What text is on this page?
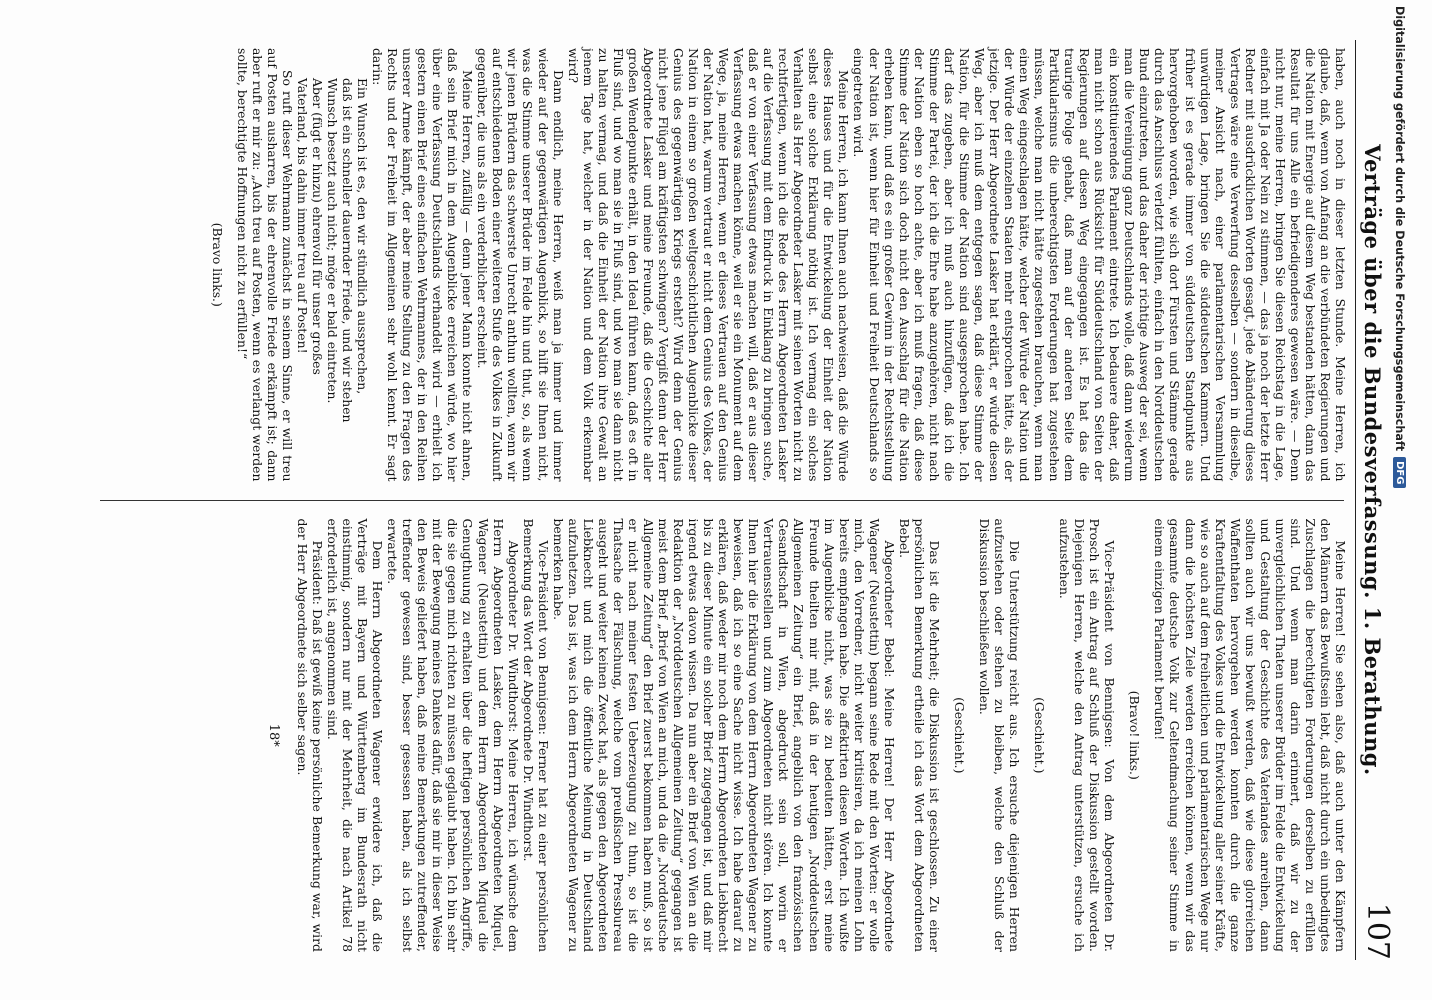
Verträge über die Bundesverfassung. 1. Berathung.
107

haben, auch noch in dieser letzten Stunde. Meine Herren, ich glaube, daß, wenn von Anfang an die verbündeten Regierungen und die Nation mit Energie auf diesem Weg bestanden hätten, dann das Resultat für uns Alle ein befriedigenderes gewesen wäre. — Denn nicht nur, meine Herren, bringen Sie diesen Reichstag in die Lage, einfach mit Ja oder Nein zu stimmen, — das ja noch der letzte Herr Redner mit ausdrücklichen Worten gesagt, jede Abänderung dieses Vertrages wäre eine Verwerfung desselben — sondern in dieselbe, meiner Ansicht nach, einer parlamentarischen Versammlung unwürdigen Lage, bringen Sie die süddeutschen Kammern. Und früher ist es gerade immer von süddeutschen Standpunkte aus hervorgehoben worden, wie sich dort Fürsten und Stämme gerade durch das Anschluss verletzt fühlten, einfach in den Norddeutschen Bund einzutreten, und das daher der richtige Ausweg der sei, wenn man die Vereinigung ganz Deutschlands wolle, daß dann wiederum ein konstituierendes Parlament eintrete. Ich bedauere daher, daß man nicht schon aus Rücksicht für Süddeutschland von Seiten der Regierungen auf diesen Weg eingegangen ist. Es hat das die traurige Folge gehabt, daß man auf der anderen Seite dem Partikularismus die unberechtigsten Forderungen hat zugestehen müssen, welche man nicht hätte zugestehen brauchen, wenn man einen Weg eingeschlagen hätte, welcher der Würde der Nation und der Würde der einzelnen Staaten mehr entsprochen hätte, als der jetzige. Der Herr Abgeordnete Lasker hat erklärt, er würde diesen Weg, aber ich muß dem entgegen sagen, daß diese Stimme der Nation, für die Stimme der Nation sind ausgesprochen habe. Ich darf das zugeben, aber ich muß auch hinzufügen, daß ich die Stimme der Partei, der ich die Ehre habe anzugehören, nicht nach der Nation eben so hoch achte, aber ich muß fragen, daß diese Stimme der Nation sich doch nicht den Ausschlag für die Nation erheben kann, und daß es ein großer Gewinn in der Rechtsstellung der Nation ist, wenn hier für Einheit und Freiheit Deutschlands so eingetreten wird.

Meine Herren, ich kann Ihnen auch nachweisen, daß die Würde dieses Hauses und für die Entwickelung der Einheit der Nation selbst eine solche Erklärung nöthig ist. Ich vermag ein solches Verhalten als Herr Abgeordneter Lasker mit seinen Worten nicht zu rechtfertigen, wenn ich die Rede des Herrn Abgeordneten Lasker auf die Verfassung mit dem Eindruck in Einklang zu bringen suche, daß er von einer Verfassung etwas machen will, daß er aus dieser Verfassung etwas machen könne, weil er sie ein Monument auf dem Wege, ja, meine Herren, wenn er dieses Vertrauen auf den Genius der Nation hat, warum vertraut er nicht dem Genius des Volkes, der Nation in einem so großen weltgeschichtlichen Augenblicke dieser Genius des gegenwärtigen Kriegs ersteht? Wird denn der Genius nicht jene Flügel am kräftigsten schwingen? Vergißt denn der Herr Abgeordnete Lasker und meine Freunde, daß die Geschichte aller großen Wendepunkte erhält, in den Ideal führen kann, daß es oft in Fluß sind, und wo man sie in Fluß sind, und wo man sie dann nicht zu halten vermag, und daß die Einheit der Nation ihre Gewalt an jenem Tage hat, welcher in der Nation und dem Volk erkennbar wird?

Dann endlich, meine Herren, weiß man ja immer und immer wieder auf der gegenwärtigen Augenblick, so hilft sie Ihnen nicht, was die Stimme unserer Brüder im Felde hin und thut, so, als wenn wir jenen Brüdern das schwerste Unrecht anthun wollten, wenn wir auf entschiedenen Boden einer weiteren Stufe des Volkes in Zukunft gegenüber, die uns als ein verderblicher erscheint.

Meine Herren, zufällig — denn jener Mann konnte nicht ahnen, daß sein Brief mich in dem Augenblicke erreichen würde, wo hier über eine Verfassung Deutschlands verhandelt wird — erhielt ich gestern einen Brief eines einfachen Wehrmannes, der in den Reihen unserer Armee kämpft, der aber meine Stellung zu den Fragen des Rechts und der Freiheit im Allgemeinen sehr wohl kennt. Er sagt darin:

Ein Wunsch ist es, den wir stündlich aussprechen,

daß ist ein schneller dauernder Friede, und wir stehen

Wunsch besetzt auch nicht; möge er bald eintreten.

Aber (fügt er hinzu) ehrenvoll für unser großes

Vaterland, bis dahin immer treu auf Posten!

So ruft dieser Wehrmann zunächst in seinem Sinne, er will treu auf Posten ausharren, bis der ehrenvolle Friede erkämpft ist; dann aber ruft er mir zu: „Auch treu auf Posten, wenn es verlangt werden sollte, berechtigte Hoffnungen nicht zu erfüllen!“

(Bravo links.)

Meine Herren! Sie sehen also, daß auch unter den Kämpfern den Männern das Bewußtsein lebt, daß nicht durch ein unbedingtes Zuschlagen die berechtigten Forderungen derselben zu erfüllen sind. Und wenn man darin erinnert, daß wir zu der unvergleichlichen Thaten unserer Brüder im Felde die Entwickelung und Gestaltung der Geschichte des Vaterlandes anreihen, dann sollten auch wir uns bewußt werden, daß wie diese glorreichen Waffenthaten hervorgehen werden konnten durch die ganze Kraftentfaltung des Volkes und die Entwickelung aller seiner Kräfte, wie so auch auf dem freiheitlichen und parlamentarischen Wege nur dann die höchsten Ziele werden erreichen können, wenn wir das gesammte deutsche Volk zur Geltendmachung seiner Stimme in einem einzigen Parlament berufen!

(Bravo! links.)

Vice-Präsident von Bennigsen: Von dem Abgeordneten Dr. Prosch ist ein Antrag auf Schluß der Diskussion gestellt worden. Diejenigen Herren, welche den Antrag unterstützen, ersuche ich aufzustehen.

(Geschieht.)

Die Unterstützung reicht aus. Ich ersuche diejenigen Herren aufzustehen oder stehen zu bleiben, welche den Schluß der Diskussion beschließen wollen.

(Geschieht.)

Das ist die Mehrheit; die Diskussion ist geschlossen. Zu einer persönlichen Bemerkung ertheile ich das Wort dem Abgeordneten Bebel.

Abgeordneter Bebel: Meine Herren! Der Herr Abgeordnete Wagener (Neustettin) begann seine Rede mit den Worten: er wolle mich, den Vorredner, nicht weiter kritisiren, da ich meinen Lohn bereits empfangen habe. Die affektirten diesen Worten. Ich wußte im Augenblicke nicht, was sie zu bedeuten hätten, erst meine Freunde theilten mir mit, daß in der heutigen „Norddeutschen Allgemeinen Zeitung“ ein Brief, angeblich von den französischen Gesandtschaft in Wien, abgedruckt sein soll, worin er Vertrauensstellen und zum Abgeordneten nicht stören. Ich konnte Ihnen hier die Erklärung von dem Herrn Abgeordneten Wagener zu beweisen, daß ich so eine Sache nicht wisse. Ich habe darauf zu erklären, daß weder mir noch dem Herrn Abgeordneten Liebknecht bis zu dieser Minute ein solcher Brief zugegangen ist, und daß mir irgend etwas davon wissen. Da nun aber ein Brief von Wien an die Redaktion der „Norddeutschen Allgemeinen Zeitung“ gegangen ist meist dem Brief „Brief von Wien an mich, und da die „Norddeutsche Allgemeine Zeitung“ den Brief zuerst bekommen haben muß, so ist er nicht nach meiner festen Ueberzeugung zu thun, so ist die Thatsache der Fälschung, welche vom preußischen Pressbureau ausgeht und weiter keinen Zweck hat, als gegen den Abgeordneten Liebknecht und mich die öffentliche Meinung in Deutschland aufzuhetzen. Das ist, was ich dem Herrn Abgeordneten Wagener zu bemerken habe.

Vice-Präsident von Bennigsen: Ferner hat zu einer persönlichen Bemerkung das Wort der Abgeordnete Dr. Windthorst.

Abgeordneter Dr. Windthorst: Meine Herren, ich wünsche dem Herrn Abgeordneten Lasker, dem Herrn Abgeordneten Miquel, Wagener (Neustettin) und dem Herrn Abgeordneten Miquel die Genugthuung zu erhalten über die heftigen persönlichen Angriffe, die sie gegen mich richten zu müssen geglaubt haben. Ich bin sehr mit der Bewegung meines Dankes dafür, daß sie mir in dieser Weise den Beweis geliefert haben, daß meine Bemerkungen zutreffender, treffender gewesen sind, besser gesessen haben, als ich selbst erwartete.

Dem Herrn Abgeordneten Wagener erwidere ich, daß die Verträge mit Bayern und Württemberg im Bundesrath nicht einstimmig, sondern nur mit der Mehrheit, die nach Artikel 78 erforderlich ist, angenommen sind.

Präsident: Daß ist gewiß keine persönliche Bemerkung war, wird der Herr Abgeordnete sich selber sagen.

18*
Digitalisierung gefördert durch die Deutsche Forschungsgemeinschaft
DFG
